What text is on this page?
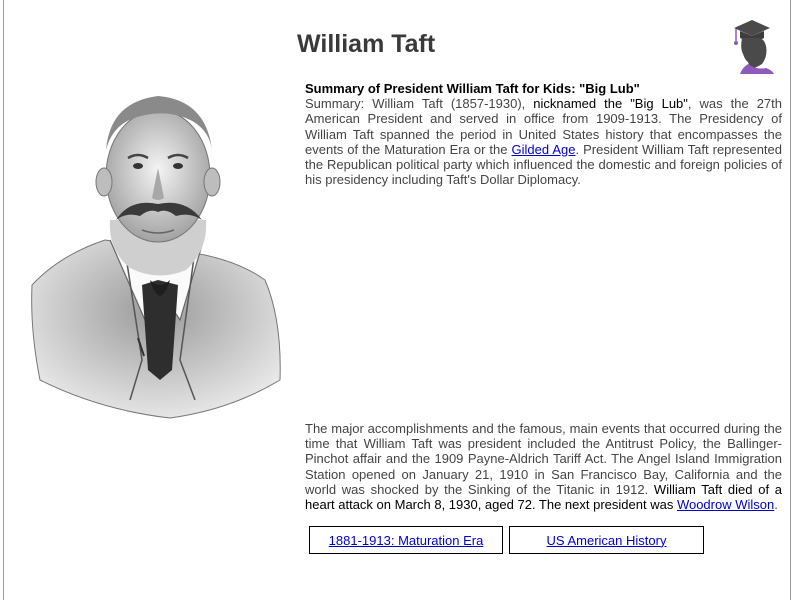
William Taft
Summary of President William Taft for Kids: "Big Lub"
Summary: William Taft (1857-1930), nicknamed the "Big Lub", was the 27th American President and served in office from 1909-1913. The Presidency of William Taft spanned the period in United States history that encompasses the events of the Maturation Era or the Gilded Age. President William Taft represented the Republican political party which influenced the domestic and foreign policies of his presidency including Taft's Dollar Diplomacy.
The major accomplishments and the famous, main events that occurred during the time that William Taft was president included the Antitrust Policy, the Ballinger-Pinchot affair and the 1909 Payne-Aldrich Tariff Act. The Angel Island Immigration Station opened on January 21, 1910 in San Francisco Bay, California and the world was shocked by the Sinking of the Titanic in 1912. William Taft died of a heart attack on March 8, 1930, aged 72. The next president was Woodrow Wilson.
1881-1913: Maturation Era	US American History
